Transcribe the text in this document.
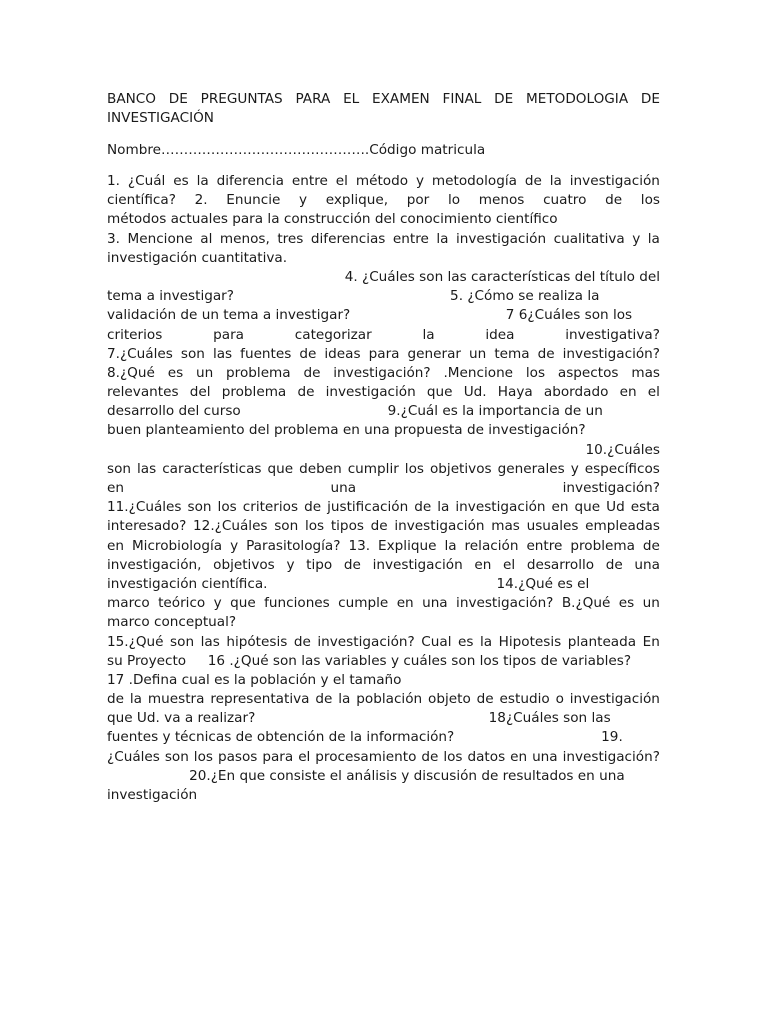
BANCO DE PREGUNTAS PARA EL EXAMEN FINAL DE METODOLOGIA DE
INVESTIGACIÓN
Nombre……………………………………….Código matricula
1. ¿Cuál es la diferencia entre el método y metodología de la investigación
científica? 2. Enuncie y explique, por lo menos cuatro de los
métodos actuales para la construcción del conocimiento científico
3. Mencione al menos, tres diferencias entre la investigación cualitativa y la
investigación cuantitativa.
4. ¿Cuáles son las características del título del
tema a investigar?                                                  5. ¿Cómo se realiza la
validación de un tema a investigar?                                    7 6¿Cuáles son los
criterios	para	categorizar	la	idea	investigativa?
7.¿Cuáles son las fuentes de ideas para generar un tema de investigación?
8.¿Qué es un problema de investigación? .Mencione los aspectos mas
relevantes del problema de investigación que Ud. Haya abordado en el
desarrollo del curso                                  9.¿Cuál es la importancia de un
buen planteamiento del problema en una propuesta de investigación?
10.¿Cuáles
son las características que deben cumplir los objetivos generales y específicos
en	una	investigación?
11.¿Cuáles son los criterios de justificación de la investigación en que Ud esta
interesado? 12.¿Cuáles son los tipos de investigación mas usuales empleadas
en Microbiología y Parasitología? 13. Explique la relación entre problema de
investigación, objetivos y tipo de investigación en el desarrollo de una
investigación científica.                                                     14.¿Qué es el
marco teórico y que funciones cumple en una investigación? B.¿Qué es un
marco conceptual?
15.¿Qué son las hipótesis de investigación? Cual es la Hipotesis planteada En
su Proyecto     16 .¿Qué son las variables y cuáles son los tipos de variables?
17 .Defina cual es la población y el tamaño
de la muestra representativa de la población objeto de estudio o investigación
que Ud. va a realizar?                                                      18¿Cuáles son las
fuentes y técnicas de obtención de la información?                                  19.
¿Cuáles son los pasos para el procesamiento de los datos en una investigación?
20.¿En que consiste el análisis y discusión de resultados en una
investigación
